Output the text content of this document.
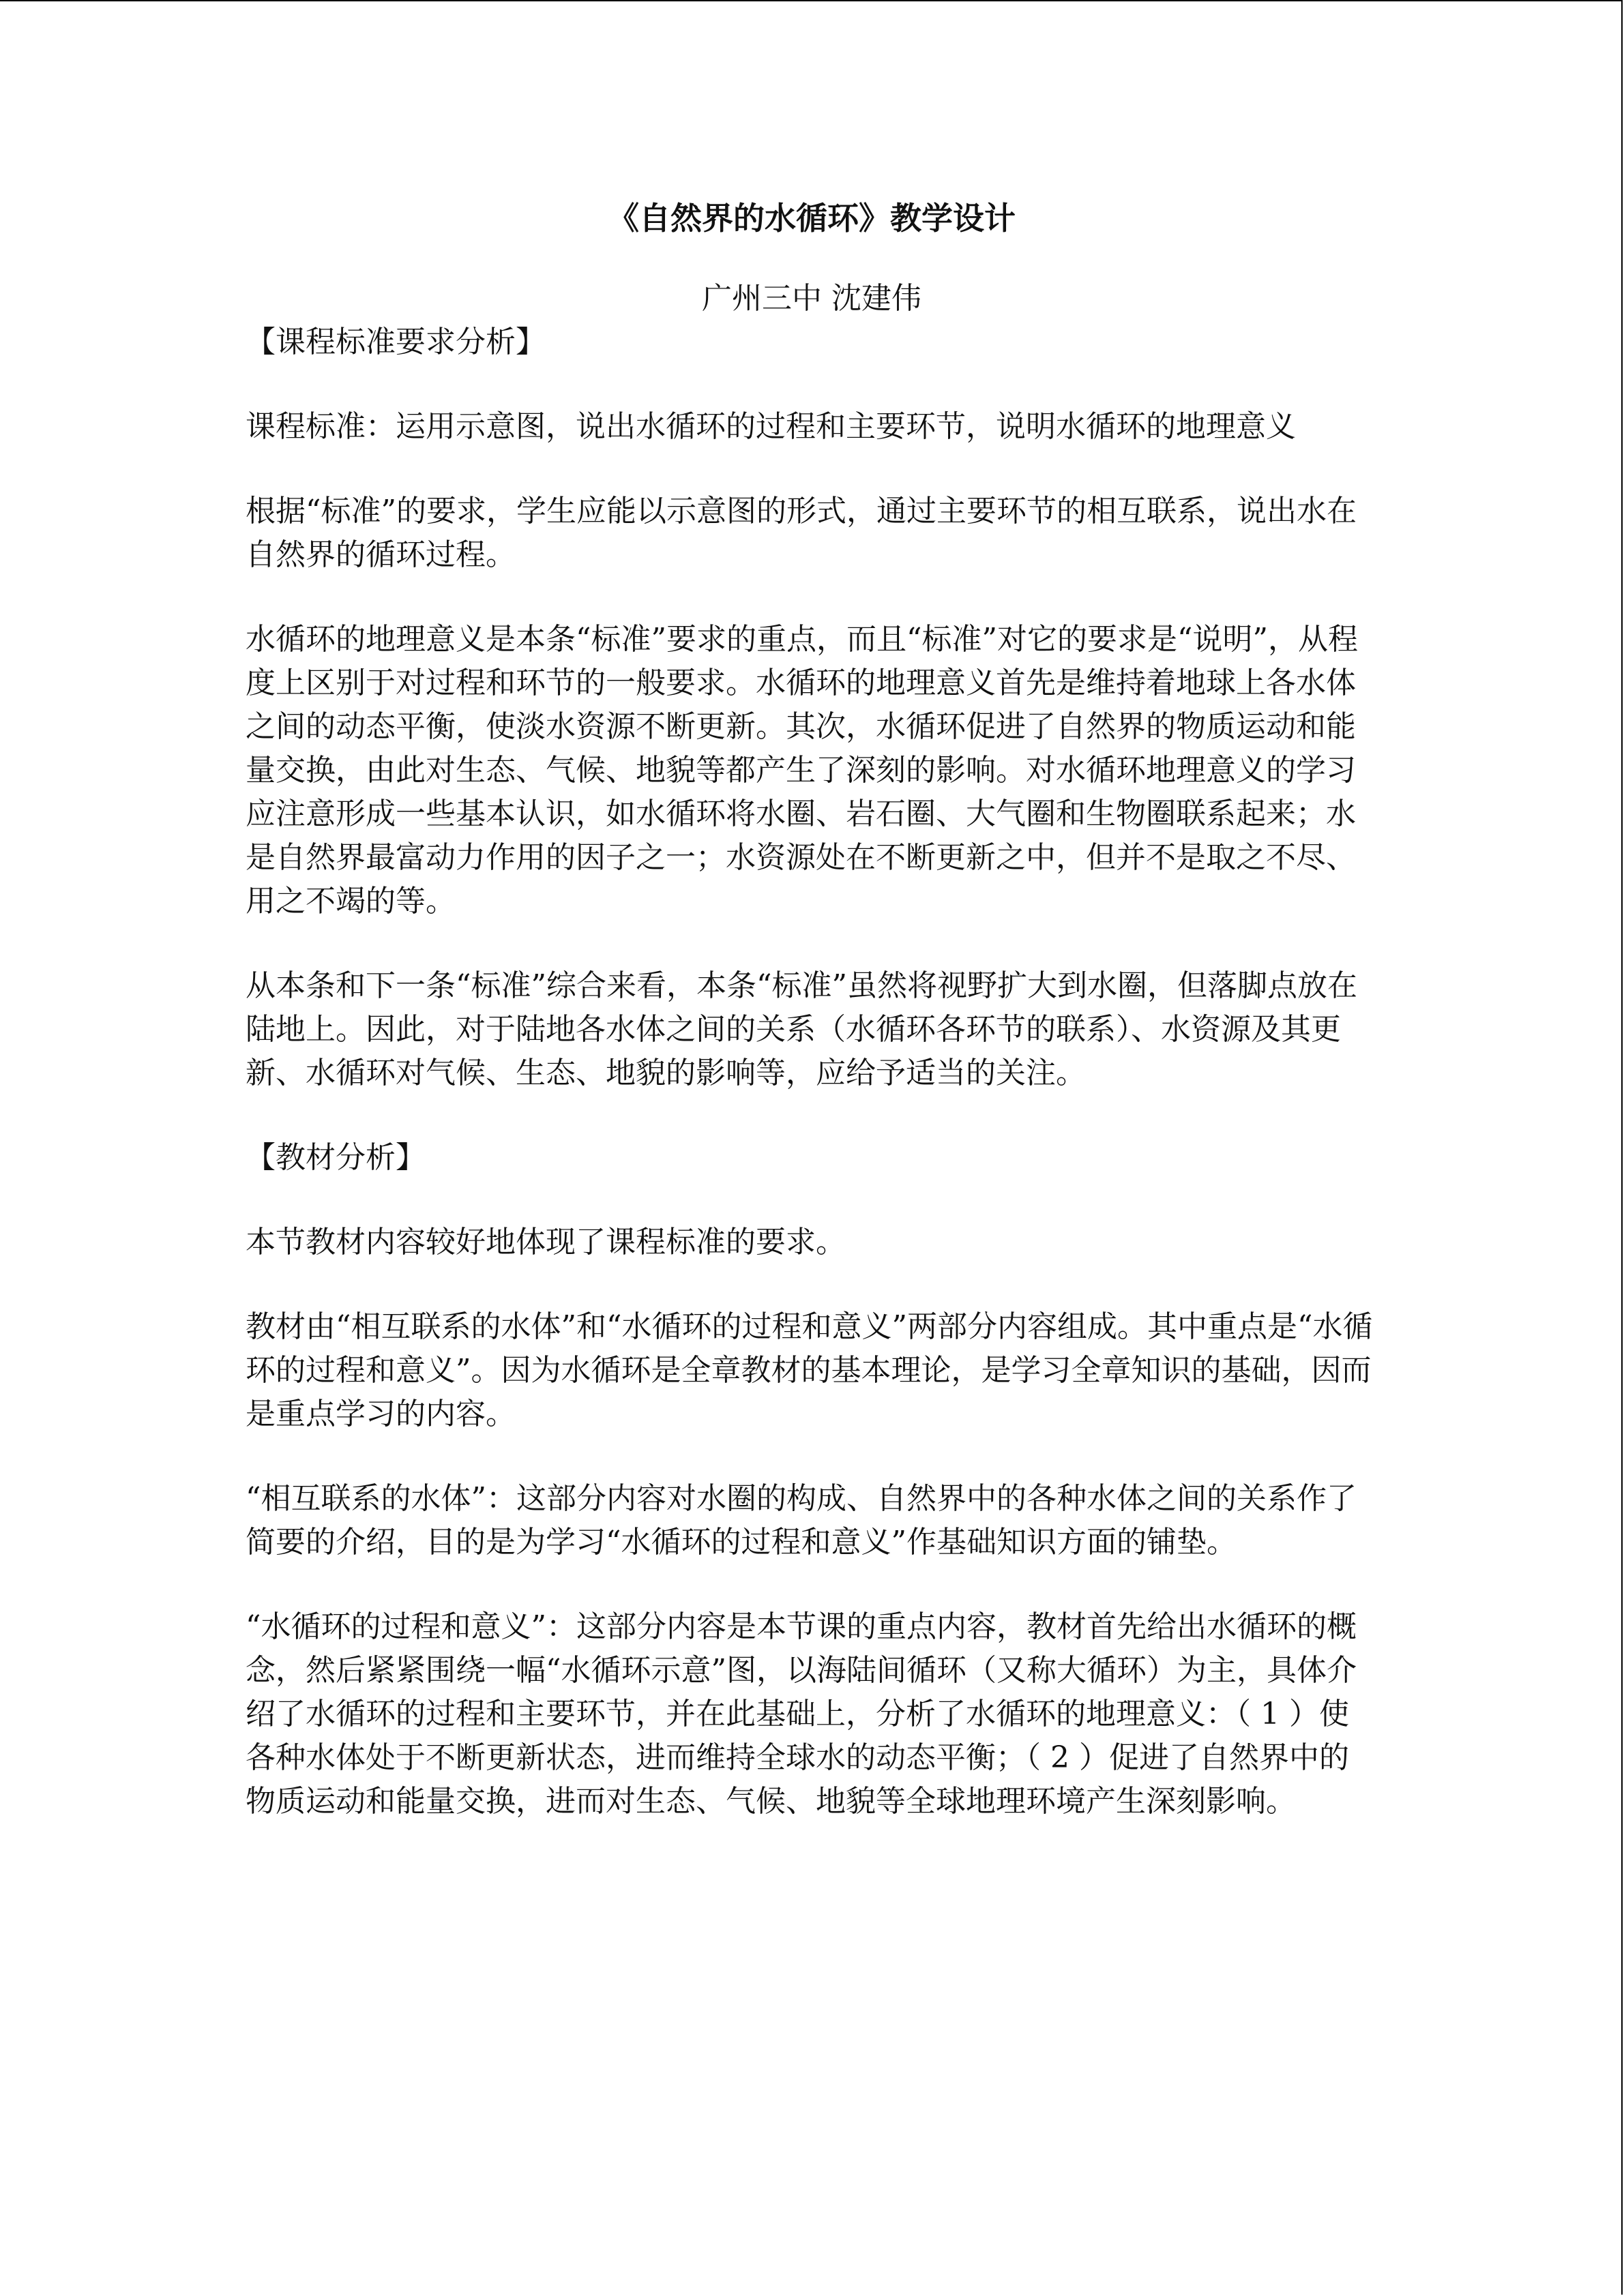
《自然界的水循环》教学设计
广州三中 沈建伟
【课程标准要求分析】

课程标准：运用示意图，说出水循环的过程和主要环节，说明水循环的地理意义

根据“标准”的要求，学生应能以示意图的形式，通过主要环节的相互联系，说出水在自然界的循环过程。

水循环的地理意义是本条“标准”要求的重点，而且“标准”对它的要求是“说明”，从程度上区别于对过程和环节的一般要求。水循环的地理意义首先是维持着地球上各水体之间的动态平衡，使淡水资源不断更新。其次，水循环促进了自然界的物质运动和能量交换，由此对生态、气候、地貌等都产生了深刻的影响。对水循环地理意义的学习应注意形成一些基本认识，如水循环将水圈、岩石圈、大气圈和生物圈联系起来；水是自然界最富动力作用的因子之一；水资源处在不断更新之中，但并不是取之不尽、用之不竭的等。

从本条和下一条“标准”综合来看，本条“标准”虽然将视野扩大到水圈，但落脚点放在陆地上。因此，对于陆地各水体之间的关系（水循环各环节的联系）、水资源及其更新、水循环对气候、生态、地貌的影响等，应给予适当的关注。

【教材分析】

本节教材内容较好地体现了课程标准的要求。

教材由“相互联系的水体”和“水循环的过程和意义”两部分内容组成。其中重点是“水循环的过程和意义”。因为水循环是全章教材的基本理论，是学习全章知识的基础，因而是重点学习的内容。

“相互联系的水体”：这部分内容对水圈的构成、自然界中的各种水体之间的关系作了简要的介绍，目的是为学习“水循环的过程和意义”作基础知识方面的铺垫。

“水循环的过程和意义”：这部分内容是本节课的重点内容，教材首先给出水循环的概念，然后紧紧围绕一幅“水循环示意”图，以海陆间循环（又称大循环）为主，具体介绍了水循环的过程和主要环节，并在此基础上，分析了水循环的地理意义：（ 1 ）使各种水体处于不断更新状态，进而维持全球水的动态平衡；（ 2 ）促进了自然界中的物质运动和能量交换，进而对生态、气候、地貌等全球地理环境产生深刻影响。
